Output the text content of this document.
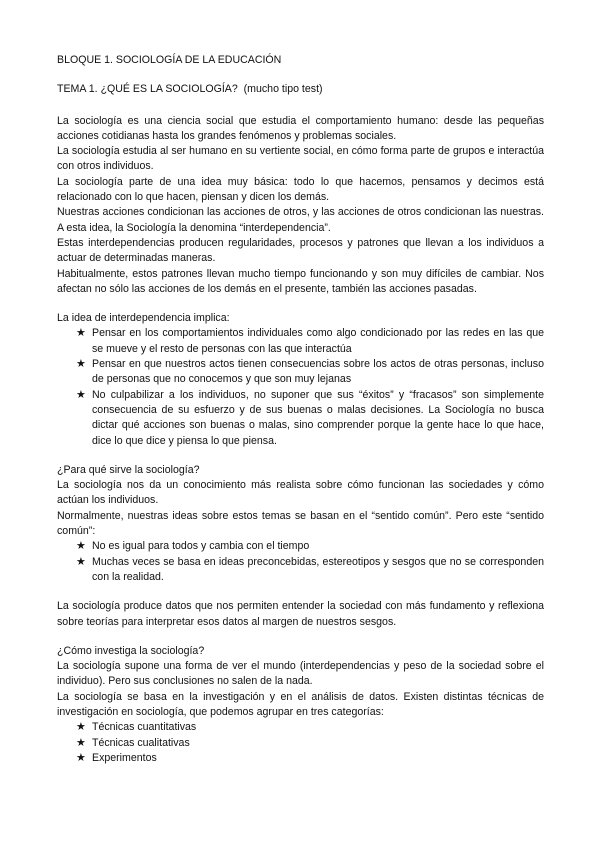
BLOQUE 1. SOCIOLOGÍA DE LA EDUCACIÓN

TEMA 1. ¿QUÉ ES LA SOCIOLOGÍA? (mucho tipo test)

La sociología es una ciencia social que estudia el comportamiento humano: desde las pequeñas acciones cotidianas hasta los grandes fenómenos y problemas sociales.

La sociología estudia al ser humano en su vertiente social, en cómo forma parte de grupos e interactúa con otros individuos.

La sociología parte de una idea muy básica: todo lo que hacemos, pensamos y decimos está relacionado con lo que hacen, piensan y dicen los demás.

Nuestras acciones condicionan las acciones de otros, y las acciones de otros condicionan las nuestras. A esta idea, la Sociología la denomina “interdependencia”.

Estas interdependencias producen regularidades, procesos y patrones que llevan a los individuos a actuar de determinadas maneras.

Habitualmente, estos patrones llevan mucho tiempo funcionando y son muy difíciles de cambiar. Nos afectan no sólo las acciones de los demás en el presente, también las acciones pasadas.

La idea de interdependencia implica:

★ Pensar en los comportamientos individuales como algo condicionado por las redes en las que se mueve y el resto de personas con las que interactúa
★ Pensar en que nuestros actos tienen consecuencias sobre los actos de otras personas, incluso de personas que no conocemos y que son muy lejanas
★ No culpabilizar a los individuos, no suponer que sus “éxitos” y “fracasos” son simplemente consecuencia de su esfuerzo y de sus buenas o malas decisiones. La Sociología no busca dictar qué acciones son buenas o malas, sino comprender porque la gente hace lo que hace, dice lo que dice y piensa lo que piensa.

¿Para qué sirve la sociología?

La sociología nos da un conocimiento más realista sobre cómo funcionan las sociedades y cómo actúan los individuos.

Normalmente, nuestras ideas sobre estos temas se basan en el “sentido común”. Pero este “sentido común”:

★ No es igual para todos y cambia con el tiempo
★ Muchas veces se basa en ideas preconcebidas, estereotipos y sesgos que no se corresponden con la realidad.

La sociología produce datos que nos permiten entender la sociedad con más fundamento y reflexiona sobre teorías para interpretar esos datos al margen de nuestros sesgos.

¿Cómo investiga la sociología?

La sociología supone una forma de ver el mundo (interdependencias y peso de la sociedad sobre el individuo). Pero sus conclusiones no salen de la nada.

La sociología se basa en la investigación y en el análisis de datos. Existen distintas técnicas de investigación en sociología, que podemos agrupar en tres categorías:

★ Técnicas cuantitativas
★ Técnicas cualitativas
★ Experimentos
